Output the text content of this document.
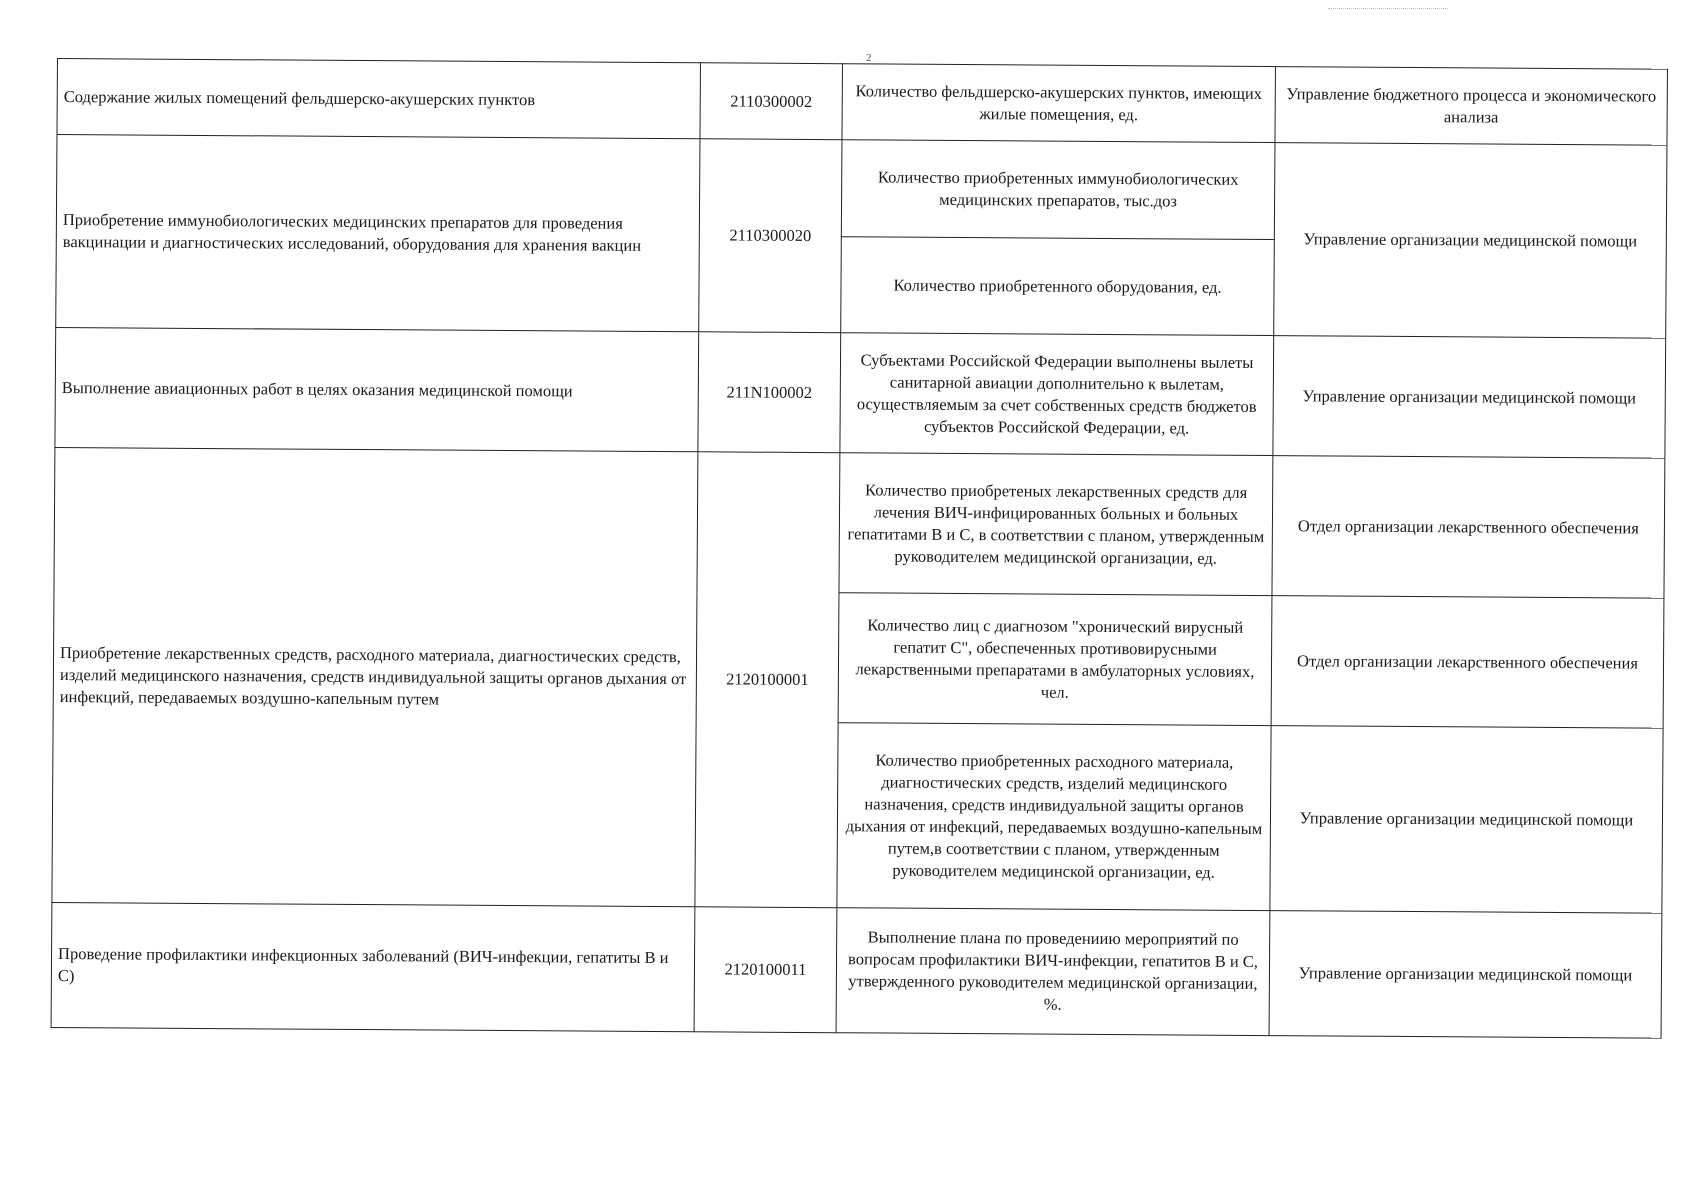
2
Содержание жилых помещений фельдшерско-акушерских пунктов	2110300002	Количество фельдшерско-акушерских пунктов, имеющих жилые помещения, ед.	Управление бюджетного процесса и экономического анализа
Приобретение иммунобиологических медицинских препаратов для проведения вакцинации и диагностических исследований, оборудования для хранения вакцин	2110300020	Количество приобретенных иммунобиологических медицинских препаратов, тыс.доз	Управление организации медицинской помощи
		Количество приобретенного оборудования, ед.	
Выполнение авиационных работ в целях оказания медицинской помощи	211N100002	Субъектами Российской Федерации выполнены вылеты санитарной авиации дополнительно к вылетам, осуществляемым за счет собственных средств бюджетов субъектов Российской Федерации, ед.	Управление организации медицинской помощи
Приобретение лекарственных средств, расходного материала, диагностических средств, изделий медицинского назначения, средств индивидуальной защиты органов дыхания от инфекций, передаваемых воздушно-капельным путем	2120100001	Количество приобретеных лекарственных средств для лечения ВИЧ-инфицированных больных и больных гепатитами В и С, в соответствии с планом, утвержденным руководителем медицинской организации, ед.	Отдел организации лекарственного обеспечения
		Количество лиц с диагнозом "хронический вирусный гепатит С", обеспеченных противовирусными лекарственными препаратами в амбулаторных условиях, чел.	Отдел организации лекарственного обеспечения
		Количество приобретенных расходного материала, диагностических средств, изделий медицинского назначения, средств индивидуальной защиты органов дыхания от инфекций, передаваемых воздушно-капельным путем,в соответствии с планом, утвержденным руководителем медицинской организации, ед.	Управление организации медицинской помощи
Проведение профилактики инфекционных заболеваний (ВИЧ-инфекции, гепатиты В и С)	2120100011	Выполнение плана по проведениию мероприятий по вопросам профилактики ВИЧ-инфекции, гепатитов В и С, утвержденного руководителем медицинской организации, %.	Управление организации медицинской помощи
